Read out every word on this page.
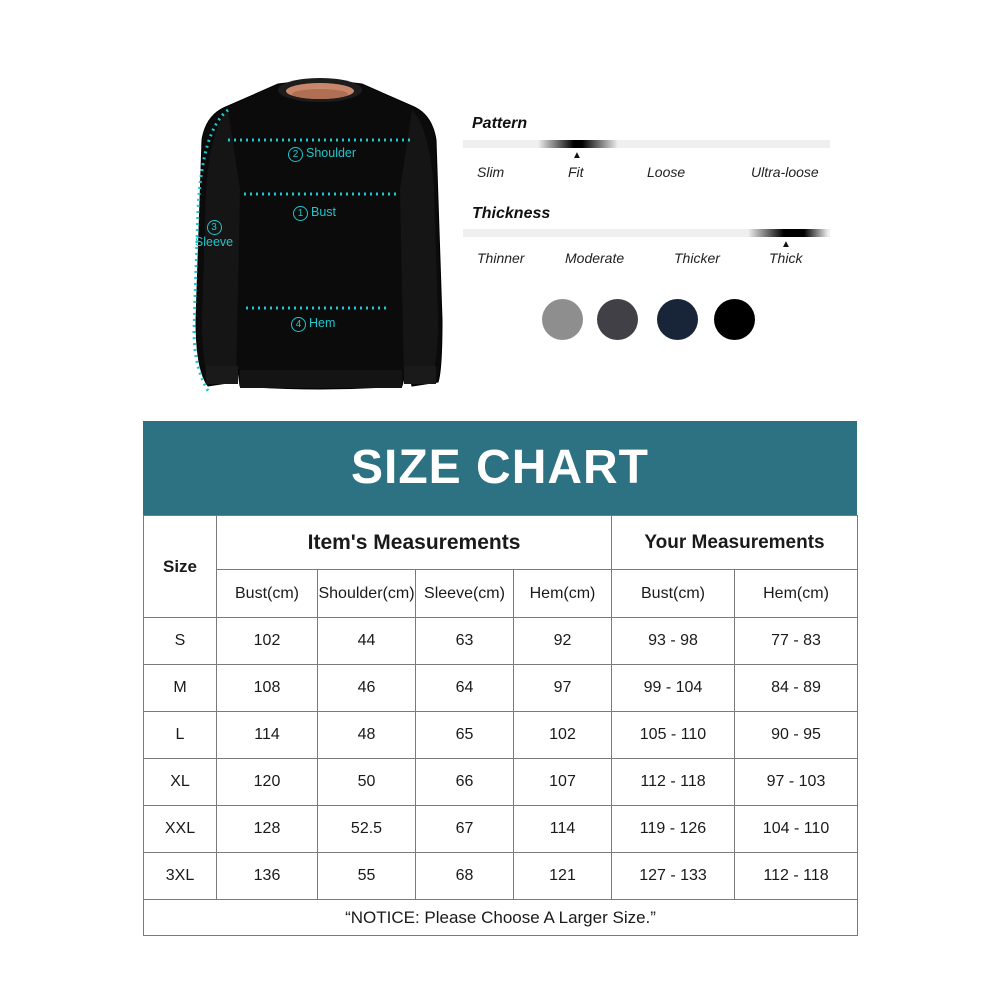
2 Shoulder
1 Bust
3
Sleeve
4 Hem
Pattern
▲
Slim	Fit	Loose	Ultra-loose
Thickness
▲
Thinner	Moderate	Thicker	Thick
SIZE CHART
Size	Item's Measurements				Your Measurements	
	Bust(cm)	Shoulder(cm)	Sleeve(cm)	Hem(cm)	Bust(cm)	Hem(cm)
S	102	44	63	92	93 - 98	77 - 83
M	108	46	64	97	99 - 104	84 - 89
L	114	48	65	102	105 - 110	90 - 95
XL	120	50	66	107	112 - 118	97 - 103
XXL	128	52.5	67	114	119 - 126	104 - 110
3XL	136	55	68	121	127 - 133	112 - 118
“NOTICE: Please Choose A Larger Size.”						
